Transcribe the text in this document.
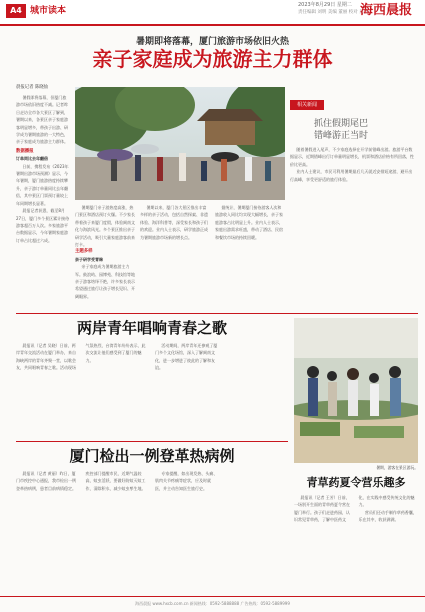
A4 城市读本
2023年8月29日 星期二
责任编辑 刘明 美编 董丽 校对 吴非
海西晨报
暑期即将落幕，厦门旅游市场依旧火热
亲子家庭成为旅游主力群体
晨报记者 陈晓仙

暑假即将落幕，但厦门旅游市场依旧热度不减。记者昨日走访全市各大景区了解到，暑期以来，各景区亲子家庭游客明显增多，带孩子出游、研学成为暑期旅游的一大特色，亲子家庭成为旅游主力群体。

数据播报
订单同比去年翻倍

日前，携程发布《2023年暑期出游市场预测》显示，今年暑期，厦门旅游热度持续攀升，亲子游订单量同比去年翻倍，其中景区门票预订量较上年同期增长显著。

晨报记者获悉，截至8月27日，厦门多个景区累计接待游客超百万人次。多家旅游平台数据显示，今年暑期家庭游订单占比超过六成。

暑期厦门亲子游热度高涨，热门景区和酒店预订火爆。不少家长带着孩子来厦门度假，体验闽南文化与海滨风光。多个景区推出亲子研学活动，吸引大量家庭游客前来打卡。

主题多样
亲子研学受青睐

亲子家庭成为暑期旅游主力军。鼓浪屿、园博苑、科技馆等地亲子游客络绎不绝，许多家长表示希望通过旅行让孩子增长见识、开阔眼界。

暑期以来，厦门各大景区推出丰富多样的亲子活动，包括自然探索、非遗体验、海洋科普等，深受家长和孩子们的欢迎。业内人士表示，研学旅游正成为暑期旅游市场新的增长点。

据统计，暑期厦门接待游客人次和旅游收入同比均实现大幅增长，亲子家庭游客占比明显上升。业内人士表示，家庭出游需求旺盛，带动了酒店、民宿和餐饮市场的持续回暖。

相关新闻
抓住假期尾巴
错峰游正当时

随着暑假进入尾声，不少家庭选择在开学前错峰出游。旅游平台数据显示，近期错峰出行订单量明显增长，机票和酒店价格有所回落，性价比更高。

业内人士建议，市民可利用暑期最后几天就近安排短途游，避开出行高峰，享受更舒适的旅行体验。

两岸青年唱响青春之歌

晨报讯（记者 吴晓）日前，两岸青年交流活动在厦门举办，来自海峡两岸的青年齐聚一堂，以歌会友，共同唱响青春之歌。活动现场气氛热烈，台湾青年纷纷表示，此次交流让他们感受到了厦门的魅力。

活动期间，两岸青年还参观了厦门多个文化场馆，深入了解闽南文化，进一步增进了彼此的了解和友谊。

暑期，游客在景区游玩。
厦门检出一例登革热病例

晨报讯（记者 黄丽）昨日，厦门市疾控中心通报，我市检出一例登革热病例，患者目前病情稳定。疾控部门提醒市民，近期气温较高，蚊虫活跃，要做好防蚊灭蚊工作，清除积水，减少蚊虫孳生地。

专家提醒，如出现发热、头痛、肌肉关节疼痛等症状，应及时就医，并主动告知医生旅行史。	青草药夏令营乐趣多

晨报讯（记者 王芳）日前，一场别开生面的青草药夏令营在厦门举行。孩子们走进药园，认识常见青草药，了解中医药文化，在实践中感受传统文化的魅力。

营员们还动手制作草药香囊，乐在其中，收获满满。

海西晨报 www.hxcb.com.cn 新闻热线：0592-5888888 广告热线：0592-5889999
